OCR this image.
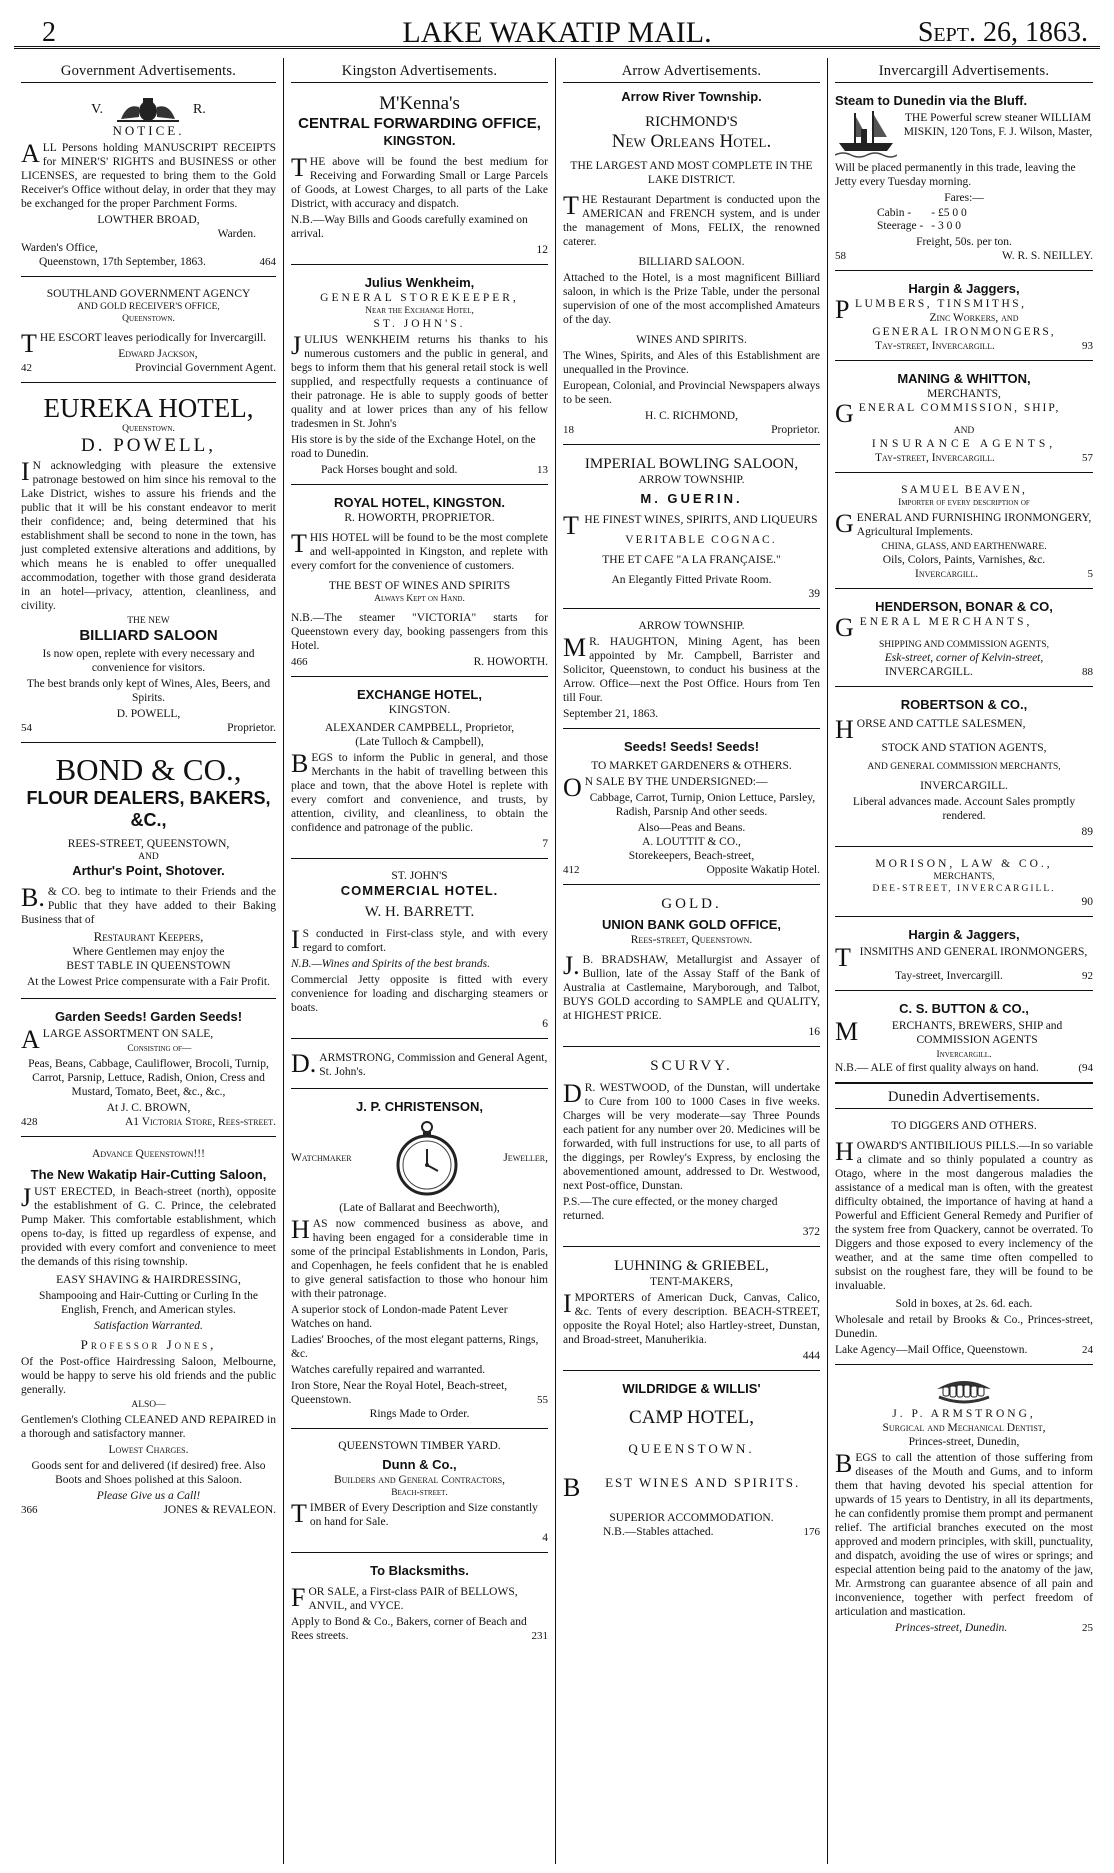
2	LAKE WAKATIP MAIL.	Sept. 26, 1863.
Government Advertisements.
V.	R.
NOTICE.

ALL Persons holding MANUSCRIPT RECEIPTS for MINER'S' RIGHTS and BUSINESS or other LICENSES, are requested to bring them to the Gold Receiver's Office without delay, in order that they may be exchanged for the proper Parchment Forms.

LOWTHER BROAD,
Warden.
Warden's Office,
Queenstown, 17th September, 1863.	464
SOUTHLAND GOVERNMENT AGENCY
AND GOLD RECEIVER'S OFFICE,
Queenstown.

THE ESCORT leaves periodically for Invercargill.

Edward Jackson,
42	Provincial Government Agent.
EUREKA HOTEL,
Queenstown.
D. POWELL,

IN acknowledging with pleasure the extensive patronage bestowed on him since his removal to the Lake District, wishes to assure his friends and the public that it will be his constant endeavor to merit their confidence; and, being determined that his establishment shall be second to none in the town, has just completed extensive alterations and additions, by which means he is enabled to offer unequalled accommodation, together with those grand desiderata in an hotel—privacy, attention, cleanliness, and civility.

THE NEW
BILLIARD SALOON

Is now open, replete with every necessary and convenience for visitors.

The best brands only kept of Wines, Ales, Beers, and Spirits.

D. POWELL,
54	Proprietor.
BOND & CO.,
FLOUR DEALERS, BAKERS, &C.,
REES-STREET, QUEENSTOWN,
AND
Arthur's Point, Shotover.

B.& CO. beg to intimate to their Friends and the Public that they have added to their Baking Business that of

Restaurant Keepers,
Where Gentlemen may enjoy the
BEST TABLE IN QUEENSTOWN

At the Lowest Price compensurate with a Fair Profit.

Garden Seeds! Garden Seeds!

ALARGE ASSORTMENT ON SALE,

Consisting of—

Peas, Beans, Cabbage, Cauliflower, Brocoli, Turnip, Carrot, Parsnip, Lettuce, Radish, Onion, Cress and Mustard, Tomato, Beet, &c., &c.,

At J. C. BROWN,
428	A1 Victoria Store, Rees-street.
Advance Queenstown!!!
The New Wakatip Hair-Cutting Saloon,

JUST ERECTED, in Beach-street (north), opposite the establishment of G. C. Prince, the celebrated Pump Maker. This comfortable establishment, which opens to-day, is fitted up regardless of expense, and provided with every comfort and convenience to meet the demands of this rising township.

EASY SHAVING & HAIRDRESSING,

Shampooing and Hair-Cutting or Curling In the English, French, and American styles.

Satisfaction Warranted.
Professor Jones,

Of the Post-office Hairdressing Saloon, Melbourne, would be happy to serve his old friends and the public generally.

ALSO—

Gentlemen's Clothing CLEANED AND REPAIRED in a thorough and satisfactory manner.

Lowest Charges.

Goods sent for and delivered (if desired) free. Also Boots and Shoes polished at this Saloon.

Please Give us a Call!
366	JONES & REVALEON.
Kingston Advertisements.
M'Kenna's
CENTRAL FORWARDING OFFICE,
KINGSTON.

THE above will be found the best medium for Receiving and Forwarding Small or Large Parcels of Goods, at Lowest Charges, to all parts of the Lake District, with accuracy and dispatch.

N.B.—Way Bills and Goods carefully examined on arrival.

12
Julius Wenkheim,
GENERAL STOREKEEPER,
Near the Exchange Hotel,
ST. JOHN'S.

JULIUS WENKHEIM returns his thanks to his numerous customers and the public in general, and begs to inform them that his general retail stock is well supplied, and respectfully requests a continuance of their patronage. He is able to supply goods of better quality and at lower prices than any of his fellow tradesmen in St. John's

His store is by the side of the Exchange Hotel, on the road to Dunedin.

Pack Horses bought and sold.	13
ROYAL HOTEL, KINGSTON.
R. HOWORTH, PROPRIETOR.

THIS HOTEL will be found to be the most complete and well-appointed in Kingston, and replete with every comfort for the convenience of customers.

THE BEST OF WINES AND SPIRITS
Always Kept on Hand.

N.B.—The steamer "VICTORIA" starts for Queenstown every day, booking passengers from this Hotel.

466	R. HOWORTH.
EXCHANGE HOTEL,
KINGSTON.
ALEXANDER CAMPBELL, Proprietor,
(Late Tulloch & Campbell),

BEGS to inform the Public in general, and those Merchants in the habit of travelling between this place and town, that the above Hotel is replete with every comfort and convenience, and trusts, by attention, civility, and cleanliness, to obtain the confidence and patronage of the public.

7
ST. JOHN'S
COMMERCIAL HOTEL.
W. H. BARRETT.

IS conducted in First-class style, and with every regard to comfort.

N.B.—Wines and Spirits of the best brands.

Commercial Jetty opposite is fitted with every convenience for loading and discharging steamers or boats.

6

D.ARMSTRONG, Commission and General Agent, St. John's.

J. P. CHRISTENSON,
Watchmaker	Jeweller,
(Late of Ballarat and Beechworth),

HAS now commenced business as above, and having been engaged for a considerable time in some of the principal Establishments in London, Paris, and Copenhagen, he feels confident that he is enabled to give general satisfaction to those who honour him with their patronage.

A superior stock of London-made Patent Lever Watches on hand.

Ladies' Brooches, of the most elegant patterns, Rings, &c.

Watches carefully repaired and warranted.

Iron Store, Near the Royal Hotel, Beach-street, Queenstown.	55
Rings Made to Order.
QUEENSTOWN TIMBER YARD.
Dunn & Co.,
Builders and General Contractors,
Beach-street.

TIMBER of Every Description and Size constantly on hand for Sale.

4
To Blacksmiths.

FOR SALE, a First-class PAIR of BELLOWS, ANVIL, and VYCE.

Apply to Bond & Co., Bakers, corner of Beach and Rees streets.	231
Arrow Advertisements.
Arrow River Township.
RICHMOND'S
New Orleans Hotel.

THE LARGEST AND MOST COMPLETE IN THE LAKE DISTRICT.

THE Restaurant Department is conducted upon the AMERICAN and FRENCH system, and is under the management of Mons, FELIX, the renowned caterer.

BILLIARD SALOON.

Attached to the Hotel, is a most magnificent Billiard saloon, in which is the Prize Table, under the personal supervision of one of the most accomplished Amateurs of the day.

WINES AND SPIRITS.

The Wines, Spirits, and Ales of this Establishment are unequalled in the Province.

European, Colonial, and Provincial Newspapers always to be seen.

H. C. RICHMOND,
18	Proprietor.
IMPERIAL BOWLING SALOON,
ARROW TOWNSHIP.
M. GUERIN.

THE FINEST WINES, SPIRITS, AND LIQUEURS

VERITABLE COGNAC.
THE ET CAFE "A LA FRANÇAISE."
An Elegantly Fitted Private Room.
39
ARROW TOWNSHIP.

MR. HAUGHTON, Mining Agent, has been appointed by Mr. Campbell, Barrister and Solicitor, Queenstown, to conduct his business at the Arrow. Office—next the Post Office. Hours from Ten till Four.

September 21, 1863.
Seeds! Seeds! Seeds!
TO MARKET GARDENERS & OTHERS.

ON SALE BY THE UNDERSIGNED:—

Cabbage, Carrot, Turnip, Onion Lettuce, Parsley, Radish, Parsnip And other seeds.

Also—Peas and Beans.
A. LOUTTIT & CO.,
Storekeepers, Beach-street,
412	Opposite Wakatip Hotel.
GOLD.
UNION BANK GOLD OFFICE,
Rees-street, Queenstown.

J.B. BRADSHAW, Metallurgist and Assayer of Bullion, late of the Assay Staff of the Bank of Australia at Castlemaine, Maryborough, and Talbot, BUYS GOLD according to SAMPLE and QUALITY, at HIGHEST PRICE.

16
SCURVY.

DR. WESTWOOD, of the Dunstan, will undertake to Cure from 100 to 1000 Cases in five weeks. Charges will be very moderate—say Three Pounds each patient for any number over 20. Medicines will be forwarded, with full instructions for use, to all parts of the diggings, per Rowley's Express, by enclosing the abovementioned amount, addressed to Dr. Westwood, next Post-office, Dunstan.

P.S.—The cure effected, or the money charged returned.

372
LUHNING & GRIEBEL,
TENT-MAKERS,

IMPORTERS of American Duck, Canvas, Calico, &c. Tents of every description. BEACH-STREET, opposite the Royal Hotel; also Hartley-street, Dunstan, and Broad-street, Manuherikia.

444
WILDRIDGE & WILLIS'
CAMP HOTEL,
QUEENSTOWN.
BEST WINES AND SPIRITS.
SUPERIOR ACCOMMODATION.
N.B.—Stables attached.	176
Invercargill Advertisements.
Steam to Dunedin via the Bluff.

THE Powerful screw steaner WILLIAM MISKIN, 120 Tons, F. J. Wilson, Master,

Will be placed permanently in this trade, leaving the Jetty every Tuesday morning.

Fares:—
Cabin -	- £5 0 0
Steerage -	- 3 0 0
Freight, 50s. per ton.
58	W. R. S. NEILLEY.
Hargin & Jaggers,
PLUMBERS, TINSMITHS,
Zinc Workers, and
GENERAL IRONMONGERS,
Tay-street, Invercargill.	93
MANING & WHITTON,
MERCHANTS,
GENERAL COMMISSION, SHIP,
AND
INSURANCE AGENTS,
Tay-street, Invercargill.	57
SAMUEL BEAVEN,
Importer of every description of

GENERAL AND FURNISHING IRONMONGERY, Agricultural Implements.

CHINA, GLASS, AND EARTHENWARE.
Oils, Colors, Paints, Varnishes, &c.
Invercargill.	5
HENDERSON, BONAR & CO,
GENERAL MERCHANTS,
SHIPPING AND COMMISSION AGENTS,
Esk-street, corner of Kelvin-street,
INVERCARGILL.	88
ROBERTSON & CO.,
HORSE AND CATTLE SALESMEN,
STOCK AND STATION AGENTS,
AND GENERAL COMMISSION MERCHANTS,
INVERCARGILL.

Liberal advances made. Account Sales promptly rendered.

89
MORISON, LAW & CO.,
MERCHANTS,
DEE-STREET, INVERCARGILL.
90
Hargin & Jaggers,

TINSMITHS AND GENERAL IRONMONGERS,

Tay-street, Invercargill.	92
C. S. BUTTON & CO.,

MERCHANTS, BREWERS, SHIP and COMMISSION AGENTS

Invercargill.
N.B.— ALE of first quality always on hand.	(94
Dunedin Advertisements.
TO DIGGERS AND OTHERS.

HOWARD'S ANTIBILIOUS PILLS.—In so variable a climate and so thinly populated a country as Otago, where in the most dangerous maladies the assistance of a medical man is often, with the greatest difficulty obtained, the importance of having at hand a Powerful and Efficient General Remedy and Purifier of the system free from Quackery, cannot be overrated. To Diggers and those exposed to every inclemency of the weather, and at the same time often compelled to subsist on the roughest fare, they will be found to be invaluable.

Sold in boxes, at 2s. 6d. each.

Wholesale and retail by Brooks & Co., Princes-street, Dunedin.

Lake Agency—Mail Office, Queenstown.	24
J. P. ARMSTRONG,
Surgical and Mechanical Dentist,
Princes-street, Dunedin,

BEGS to call the attention of those suffering from diseases of the Mouth and Gums, and to inform them that having devoted his special attention for upwards of 15 years to Dentistry, in all its departments, he can confidently promise them prompt and permanent relief. The artificial branches executed on the most approved and modern principles, with skill, punctuality, and dispatch, avoiding the use of wires or springs; and especial attention being paid to the anatomy of the jaw, Mr. Armstrong can guarantee absence of all pain and inconvenience, together with perfect freedom of articulation and mastication.

Princes-street, Dunedin.	25
